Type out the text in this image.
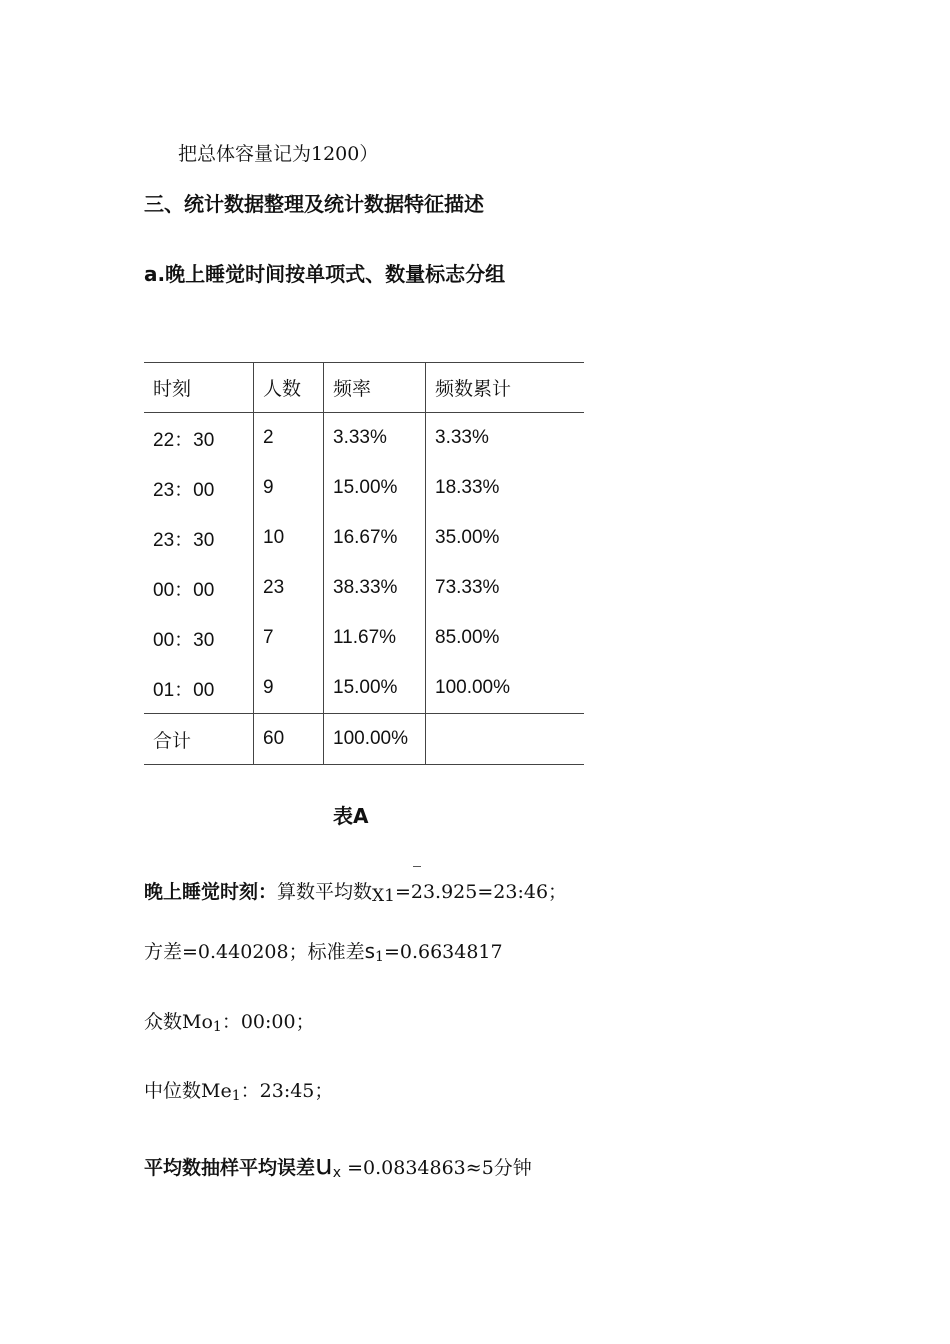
把总体容量记为1200）
三、统计数据整理及统计数据特征描述
a.晚上睡觉时间按单项式、数量标志分组
时刻	人数	频率	频数累计
22：30	2	3.33%	3.33%
23：00	9	15.00%	18.33%
23：30	10	16.67%	35.00%
00：00	23	38.33%	73.33%
00：30	7	11.67%	85.00%
01：00	9	15.00%	100.00%
合计	60	100.00%	
表A
晚上睡觉时刻：算数平均数X1=23.925=23:46；
方差=0.440208；标准差s1=0.6634817
众数Mo1：00:00；
中位数Me1：23:45；
平均数抽样平均误差ux =0.0834863≈5分钟
